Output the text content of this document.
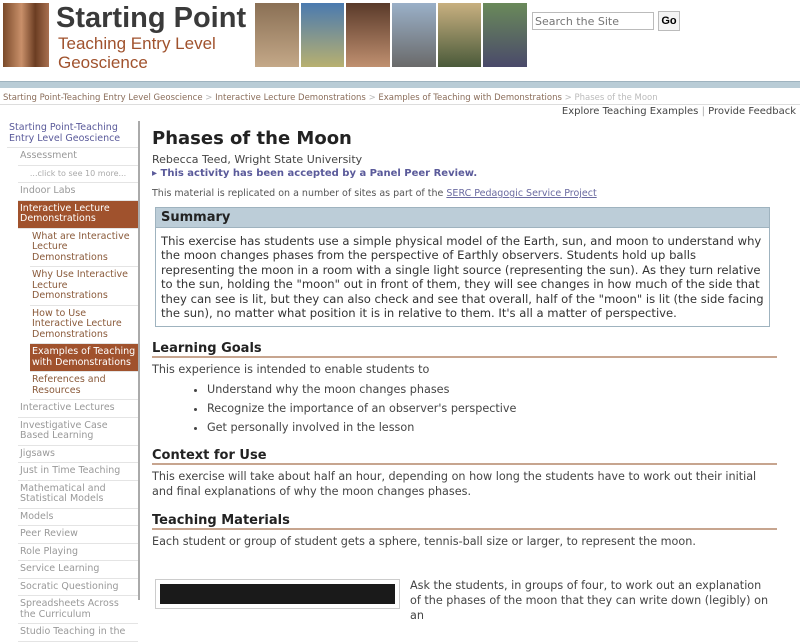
Starting Point
Teaching Entry Level Geoscience
Search the Site
Go
Starting Point-Teaching Entry Level Geoscience > Interactive Lecture Demonstrations > Examples of Teaching with Demonstrations > Phases of the Moon
Explore Teaching Examples | Provide Feedback
Starting Point-Teaching Entry Level Geoscience
Assessment
...click to see 10 more...
Indoor Labs
Interactive Lecture Demonstrations
What are Interactive Lecture Demonstrations
Why Use Interactive Lecture Demonstrations
How to Use Interactive Lecture Demonstrations
Examples of Teaching with Demonstrations
References and Resources
Interactive Lectures
Investigative Case Based Learning
Jigsaws
Just in Time Teaching
Mathematical and Statistical Models
Models
Peer Review
Role Playing
Service Learning
Socratic Questioning
Spreadsheets Across the Curriculum
Studio Teaching in the
Phases of the Moon
Rebecca Teed, Wright State University
▸ This activity has been accepted by a Panel Peer Review.
This material is replicated on a number of sites as part of the SERC Pedagogic Service Project
Summary

This exercise has students use a simple physical model of the Earth, sun, and moon to understand why the moon changes phases from the perspective of Earthly observers. Students hold up balls representing the moon in a room with a single light source (representing the sun). As they turn relative to the sun, holding the "moon" out in front of them, they will see changes in how much of the side that they can see is lit, but they can also check and see that overall, half of the "moon" is lit (the side facing the sun), no matter what position it is in relative to them. It's all a matter of perspective.

Learning Goals

This experience is intended to enable students to

• Understand why the moon changes phases
• Recognize the importance of an observer's perspective
• Get personally involved in the lesson
Context for Use

This exercise will take about half an hour, depending on how long the students have to work out their initial and final explanations of why the moon changes phases.

Teaching Materials

Each student or group of student gets a sphere, tennis-ball size or larger, to represent the moon.

Ask the students, in groups of four, to work out an explanation of the phases of the moon that they can write down (legibly) on an
